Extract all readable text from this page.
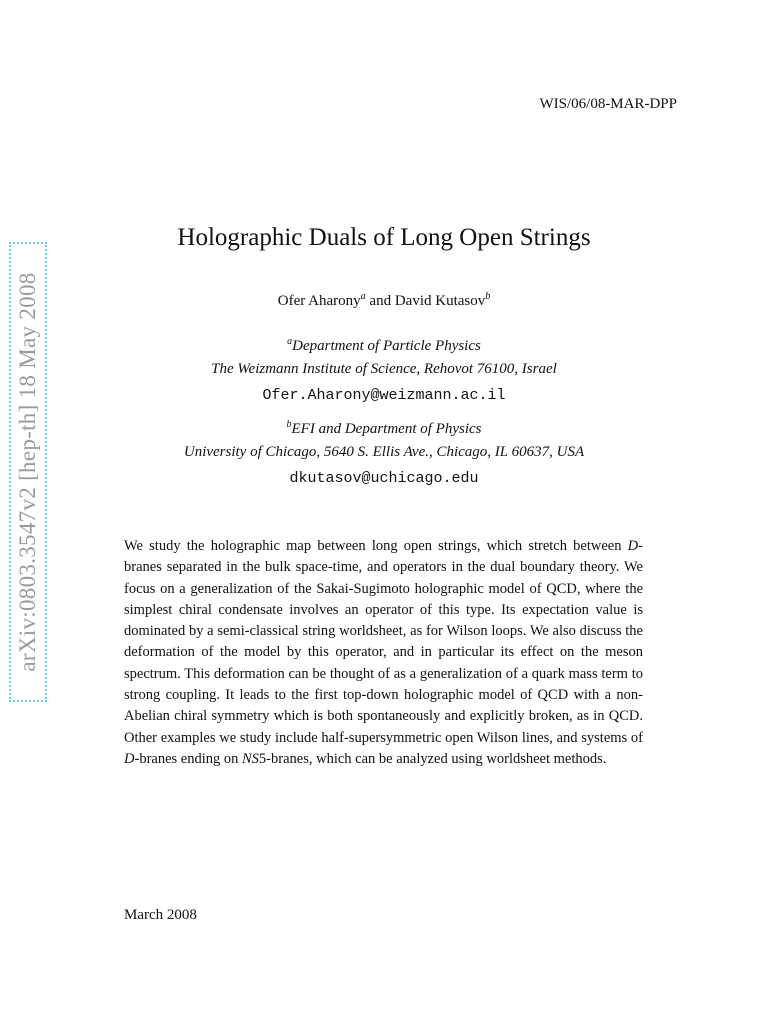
WIS/06/08-MAR-DPP
arXiv:0803.3547v2 [hep-th] 18 May 2008
Holographic Duals of Long Open Strings
Ofer Aharony$^a$ and David Kutasov$^b$
$^a$Department of Particle Physics
The Weizmann Institute of Science, Rehovot 76100, Israel
Ofer.Aharony@weizmann.ac.il
$^b$EFI and Department of Physics
University of Chicago, 5640 S. Ellis Ave., Chicago, IL 60637, USA
dkutasov@uchicago.edu
We study the holographic map between long open strings, which stretch between D-branes separated in the bulk space-time, and operators in the dual boundary theory. We focus on a generalization of the Sakai-Sugimoto holographic model of QCD, where the simplest chiral condensate involves an operator of this type. Its expectation value is dominated by a semi-classical string worldsheet, as for Wilson loops. We also discuss the deformation of the model by this operator, and in particular its effect on the meson spectrum. This deformation can be thought of as a generalization of a quark mass term to strong coupling. It leads to the first top-down holographic model of QCD with a non-Abelian chiral symmetry which is both spontaneously and explicitly broken, as in QCD. Other examples we study include half-supersymmetric open Wilson lines, and systems of D-branes ending on NS5-branes, which can be analyzed using worldsheet methods.
March 2008
